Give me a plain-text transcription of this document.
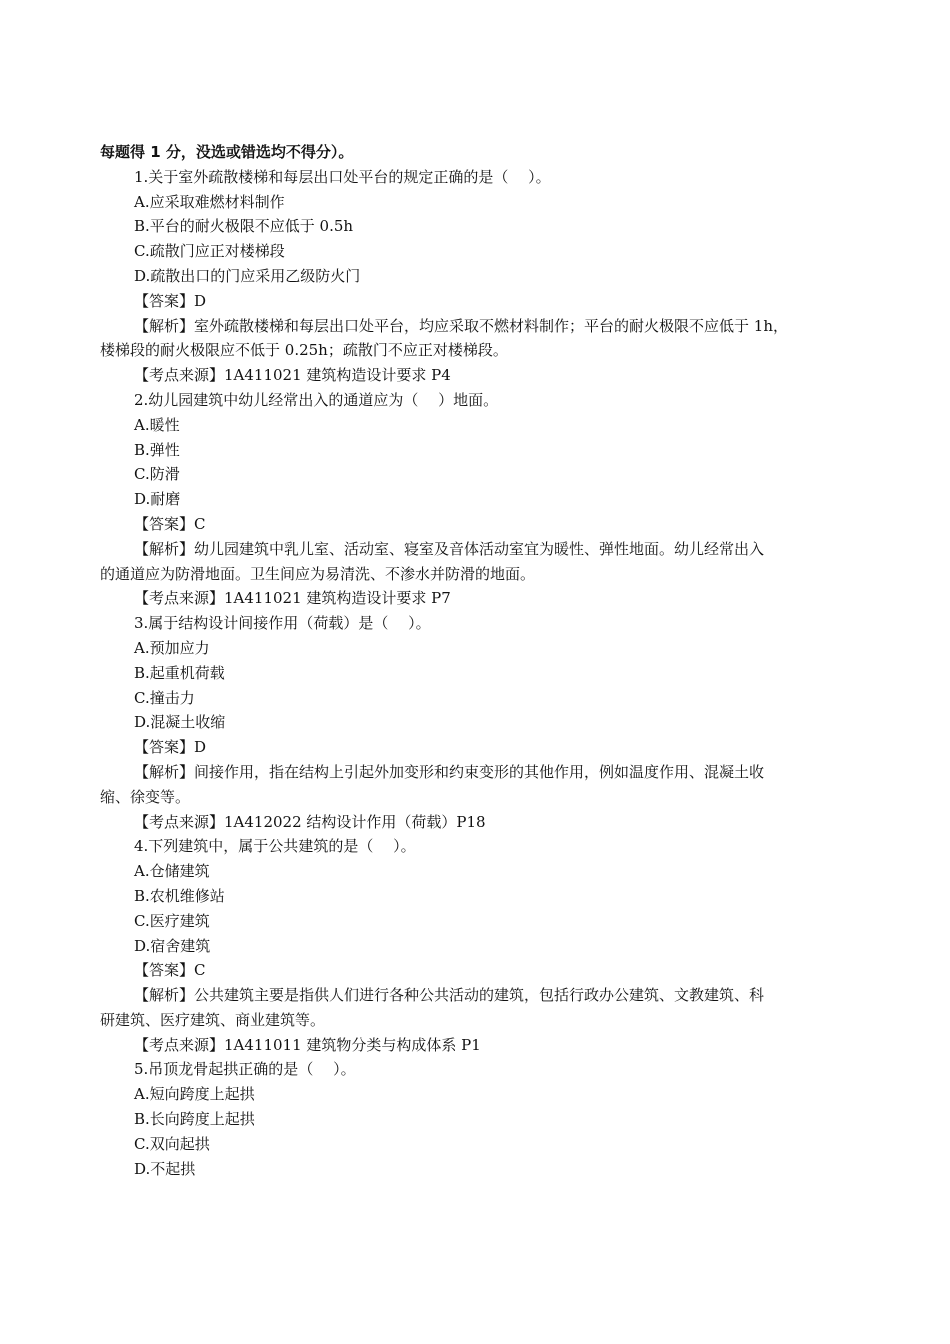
每题得 1 分，没选或错选均不得分）。
1.关于室外疏散楼梯和每层出口处平台的规定正确的是（　 ）。
A.应采取难燃材料制作
B.平台的耐火极限不应低于 0.5h
C.疏散门应正对楼梯段
D.疏散出口的门应采用乙级防火门
【答案】D
【解析】室外疏散楼梯和每层出口处平台，均应采取不燃材料制作；平台的耐火极限不应低于 1h，
楼梯段的耐火极限应不低于 0.25h；疏散门不应正对楼梯段。
【考点来源】1A411021 建筑构造设计要求 P4
2.幼儿园建筑中幼儿经常出入的通道应为（　 ）地面。
A.暖性
B.弹性
C.防滑
D.耐磨
【答案】C
【解析】幼儿园建筑中乳儿室、活动室、寝室及音体活动室宜为暖性、弹性地面。幼儿经常出入
的通道应为防滑地面。卫生间应为易清洗、不渗水并防滑的地面。
【考点来源】1A411021 建筑构造设计要求 P7
3.属于结构设计间接作用（荷载）是（　 ）。
A.预加应力
B.起重机荷载
C.撞击力
D.混凝土收缩
【答案】D
【解析】间接作用，指在结构上引起外加变形和约束变形的其他作用，例如温度作用、混凝土收
缩、徐变等。
【考点来源】1A412022 结构设计作用（荷载）P18
4.下列建筑中，属于公共建筑的是（　 ）。
A.仓储建筑
B.农机维修站
C.医疗建筑
D.宿舍建筑
【答案】C
【解析】公共建筑主要是指供人们进行各种公共活动的建筑，包括行政办公建筑、文教建筑、科
研建筑、医疗建筑、商业建筑等。
【考点来源】1A411011 建筑物分类与构成体系 P1
5.吊顶龙骨起拱正确的是（　 ）。
A.短向跨度上起拱
B.长向跨度上起拱
C.双向起拱
D.不起拱
